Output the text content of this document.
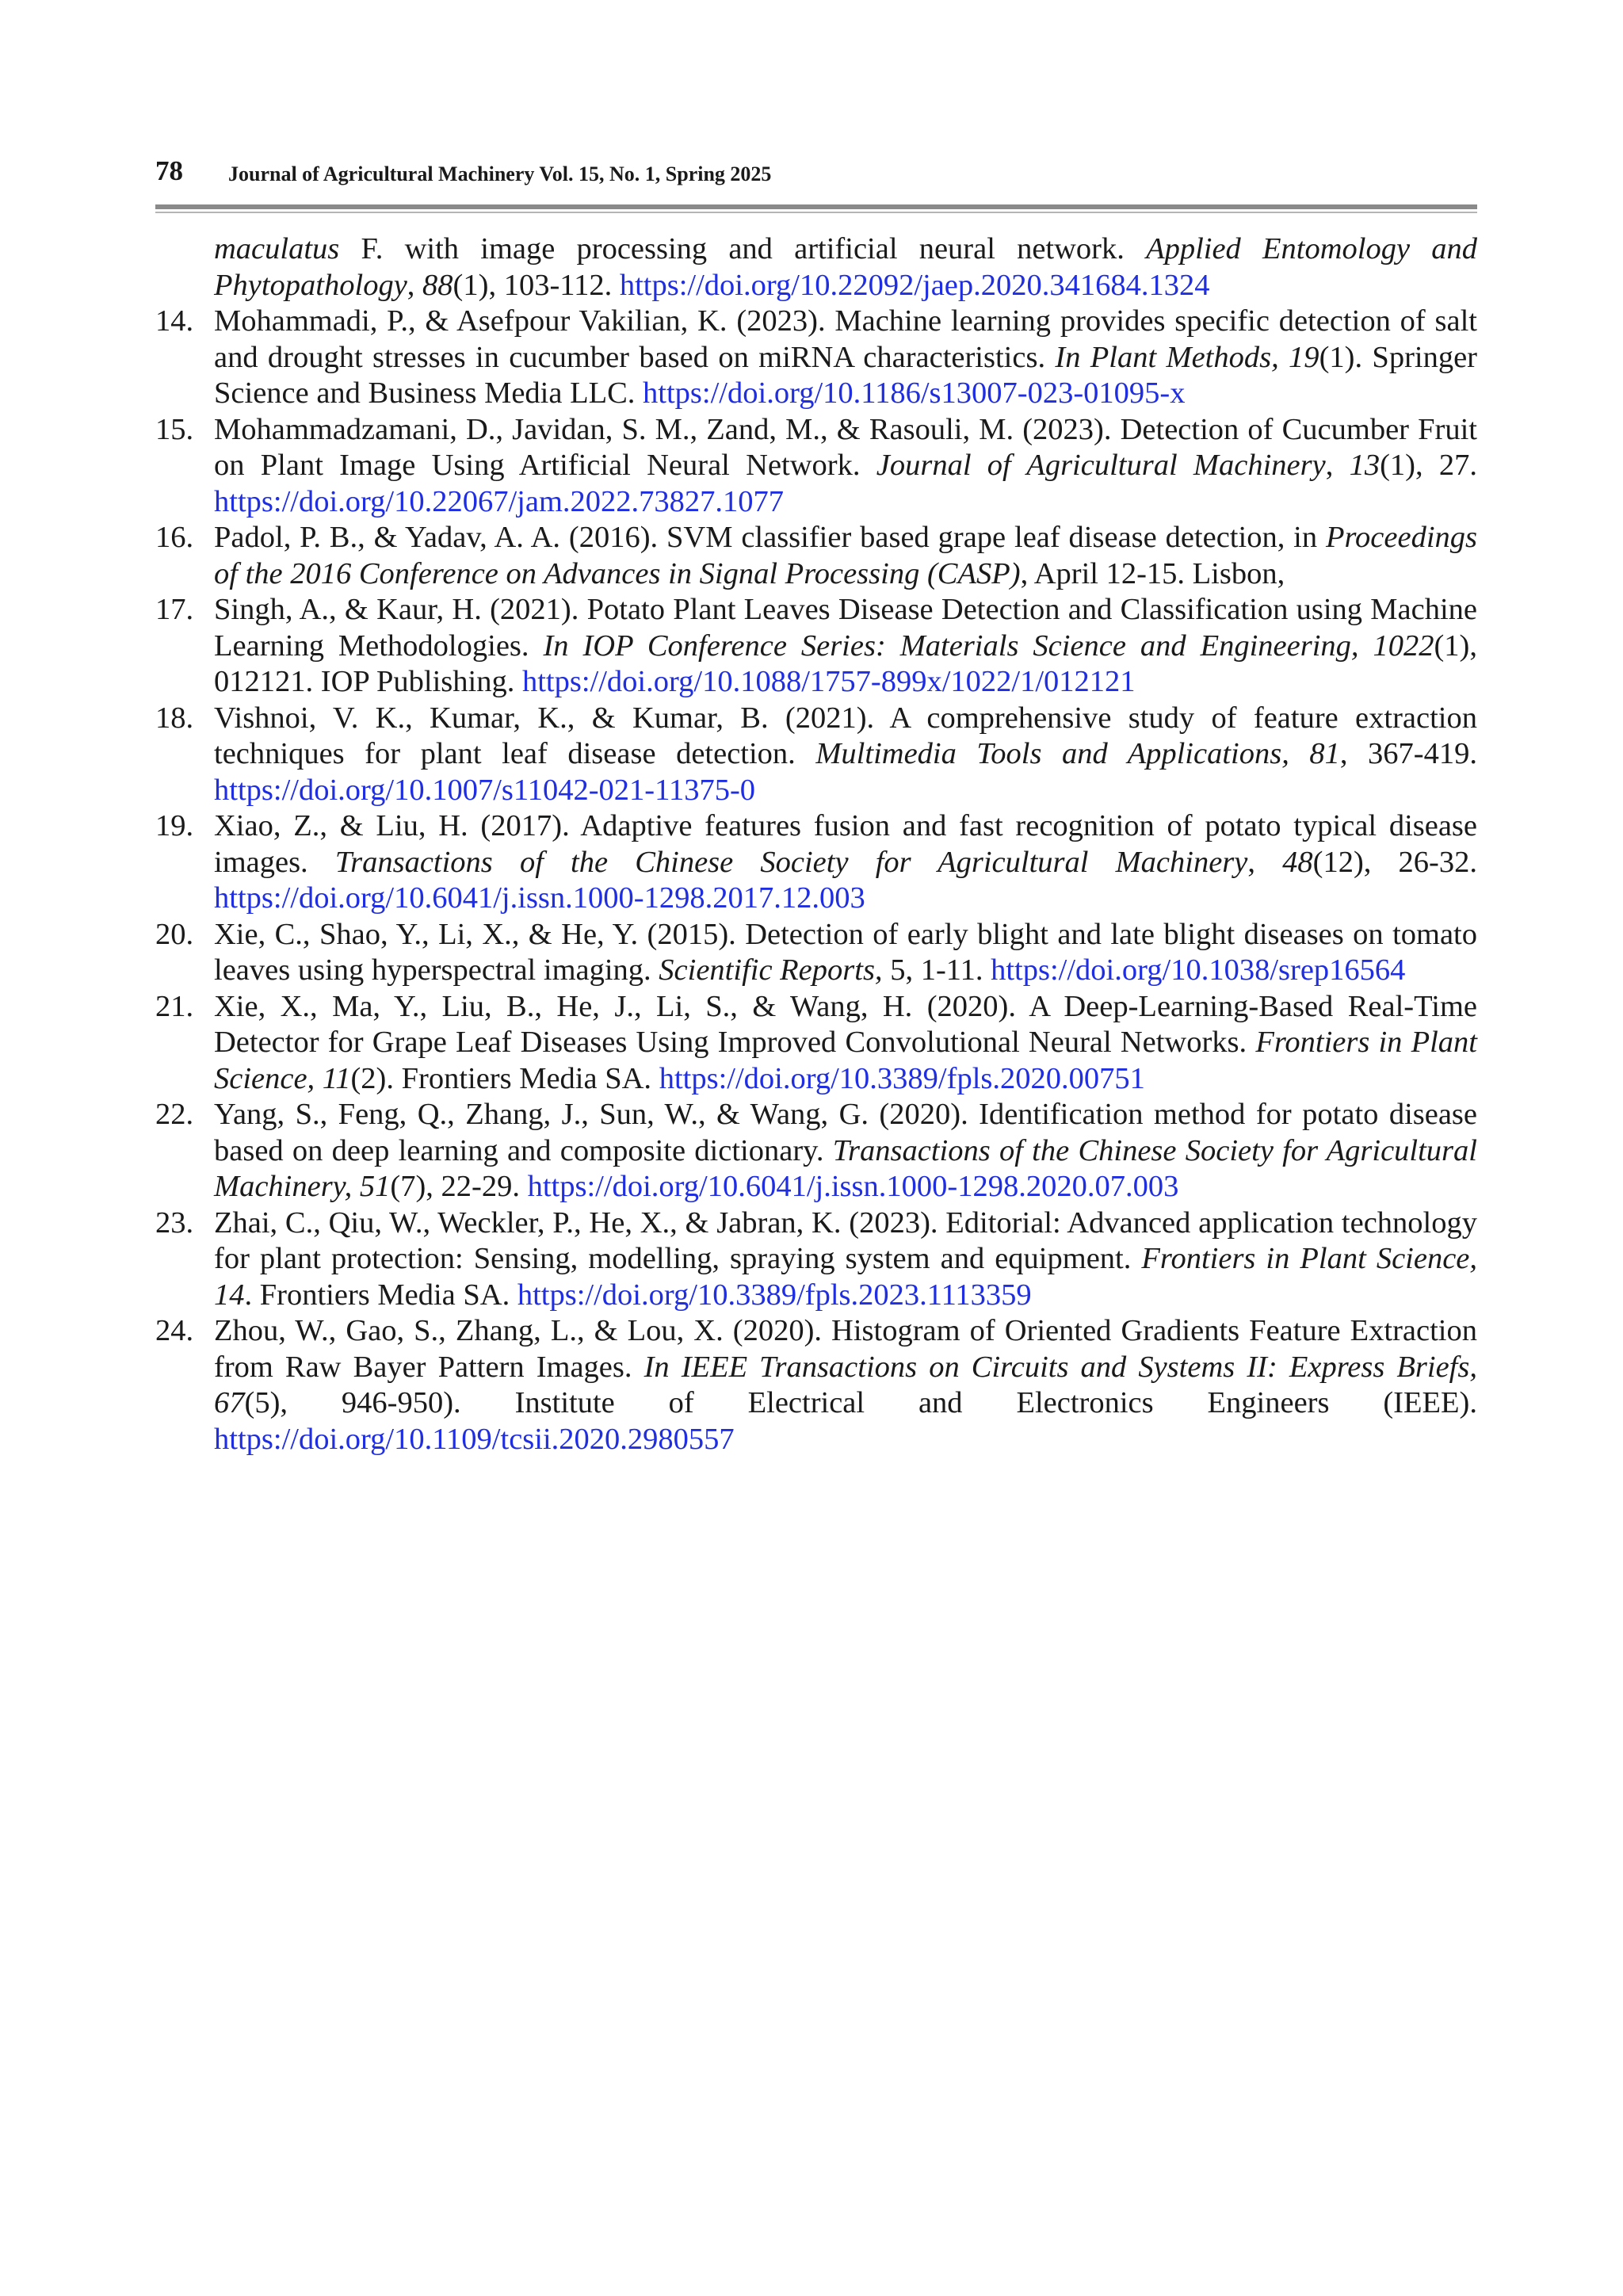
78 Journal of Agricultural Machinery Vol. 15, No. 1, Spring 2025
maculatus F. with image processing and artificial neural network. Applied Entomology and Phytopathology, 88(1), 103-112. https://doi.org/10.22092/jaep.2020.341684.1324
14. Mohammadi, P., & Asefpour Vakilian, K. (2023). Machine learning provides specific detection of salt and drought stresses in cucumber based on miRNA characteristics. In Plant Methods, 19(1). Springer Science and Business Media LLC. https://doi.org/10.1186/s13007-023-01095-x
15. Mohammadzamani, D., Javidan, S. M., Zand, M., & Rasouli, M. (2023). Detection of Cucumber Fruit on Plant Image Using Artificial Neural Network. Journal of Agricultural Machinery, 13(1), 27. https://doi.org/10.22067/jam.2022.73827.1077
16. Padol, P. B., & Yadav, A. A. (2016). SVM classifier based grape leaf disease detection, in Proceedings of the 2016 Conference on Advances in Signal Processing (CASP), April 12-15. Lisbon,
17. Singh, A., & Kaur, H. (2021). Potato Plant Leaves Disease Detection and Classification using Machine Learning Methodologies. In IOP Conference Series: Materials Science and Engineering, 1022(1), 012121. IOP Publishing. https://doi.org/10.1088/1757-899x/1022/1/012121
18. Vishnoi, V. K., Kumar, K., & Kumar, B. (2021). A comprehensive study of feature extraction techniques for plant leaf disease detection. Multimedia Tools and Applications, 81, 367-419. https://doi.org/10.1007/s11042-021-11375-0
19. Xiao, Z., & Liu, H. (2017). Adaptive features fusion and fast recognition of potato typical disease images. Transactions of the Chinese Society for Agricultural Machinery, 48(12), 26-32. https://doi.org/10.6041/j.issn.1000-1298.2017.12.003
20. Xie, C., Shao, Y., Li, X., & He, Y. (2015). Detection of early blight and late blight diseases on tomato leaves using hyperspectral imaging. Scientific Reports, 5, 1-11. https://doi.org/10.1038/srep16564
21. Xie, X., Ma, Y., Liu, B., He, J., Li, S., & Wang, H. (2020). A Deep-Learning-Based Real-Time Detector for Grape Leaf Diseases Using Improved Convolutional Neural Networks. Frontiers in Plant Science, 11(2). Frontiers Media SA. https://doi.org/10.3389/fpls.2020.00751
22. Yang, S., Feng, Q., Zhang, J., Sun, W., & Wang, G. (2020). Identification method for potato disease based on deep learning and composite dictionary. Transactions of the Chinese Society for Agricultural Machinery, 51(7), 22-29. https://doi.org/10.6041/j.issn.1000-1298.2020.07.003
23. Zhai, C., Qiu, W., Weckler, P., He, X., & Jabran, K. (2023). Editorial: Advanced application technology for plant protection: Sensing, modelling, spraying system and equipment. Frontiers in Plant Science, 14. Frontiers Media SA. https://doi.org/10.3389/fpls.2023.1113359
24. Zhou, W., Gao, S., Zhang, L., & Lou, X. (2020). Histogram of Oriented Gradients Feature Extraction from Raw Bayer Pattern Images. In IEEE Transactions on Circuits and Systems II: Express Briefs, 67(5), 946-950). Institute of Electrical and Electronics Engineers (IEEE). https://doi.org/10.1109/tcsii.2020.2980557
